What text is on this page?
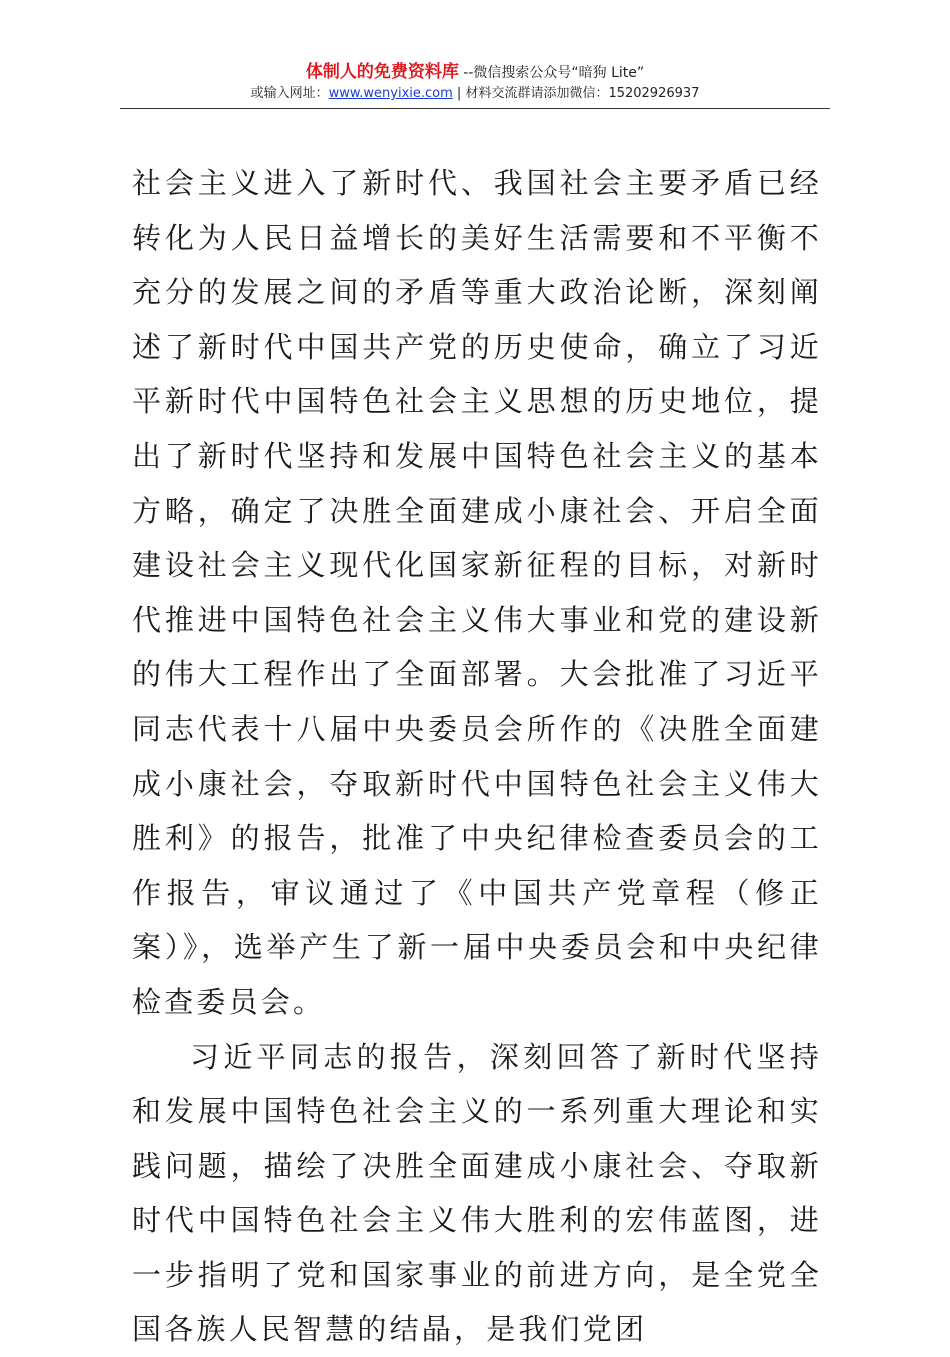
体制人的免费资料库 --微信搜索公众号“暗狗 Lite”
或输入网址：www.wenyixie.com | 材料交流群请添加微信：15202926937

社会主义进入了新时代、我国社会主要矛盾已经转化为人民日益增长的美好生活需要和不平衡不充分的发展之间的矛盾等重大政治论断，深刻阐述了新时代中国共产党的历史使命，确立了习近平新时代中国特色社会主义思想的历史地位，提出了新时代坚持和发展中国特色社会主义的基本方略，确定了决胜全面建成小康社会、开启全面建设社会主义现代化国家新征程的目标，对新时代推进中国特色社会主义伟大事业和党的建设新的伟大工程作出了全面部署。大会批准了习近平同志代表十八届中央委员会所作的《决胜全面建成小康社会，夺取新时代中国特色社会主义伟大胜利》的报告，批准了中央纪律检查委员会的工作报告，审议通过了《中国共产党章程（修正案）》，选举产生了新一届中央委员会和中央纪律检查委员会。

习近平同志的报告，深刻回答了新时代坚持和发展中国特色社会主义的一系列重大理论和实践问题，描绘了决胜全面建成小康社会、夺取新时代中国特色社会主义伟大胜利的宏伟蓝图，进一步指明了党和国家事业的前进方向，是全党全国各族人民智慧的结晶，是我们党团
